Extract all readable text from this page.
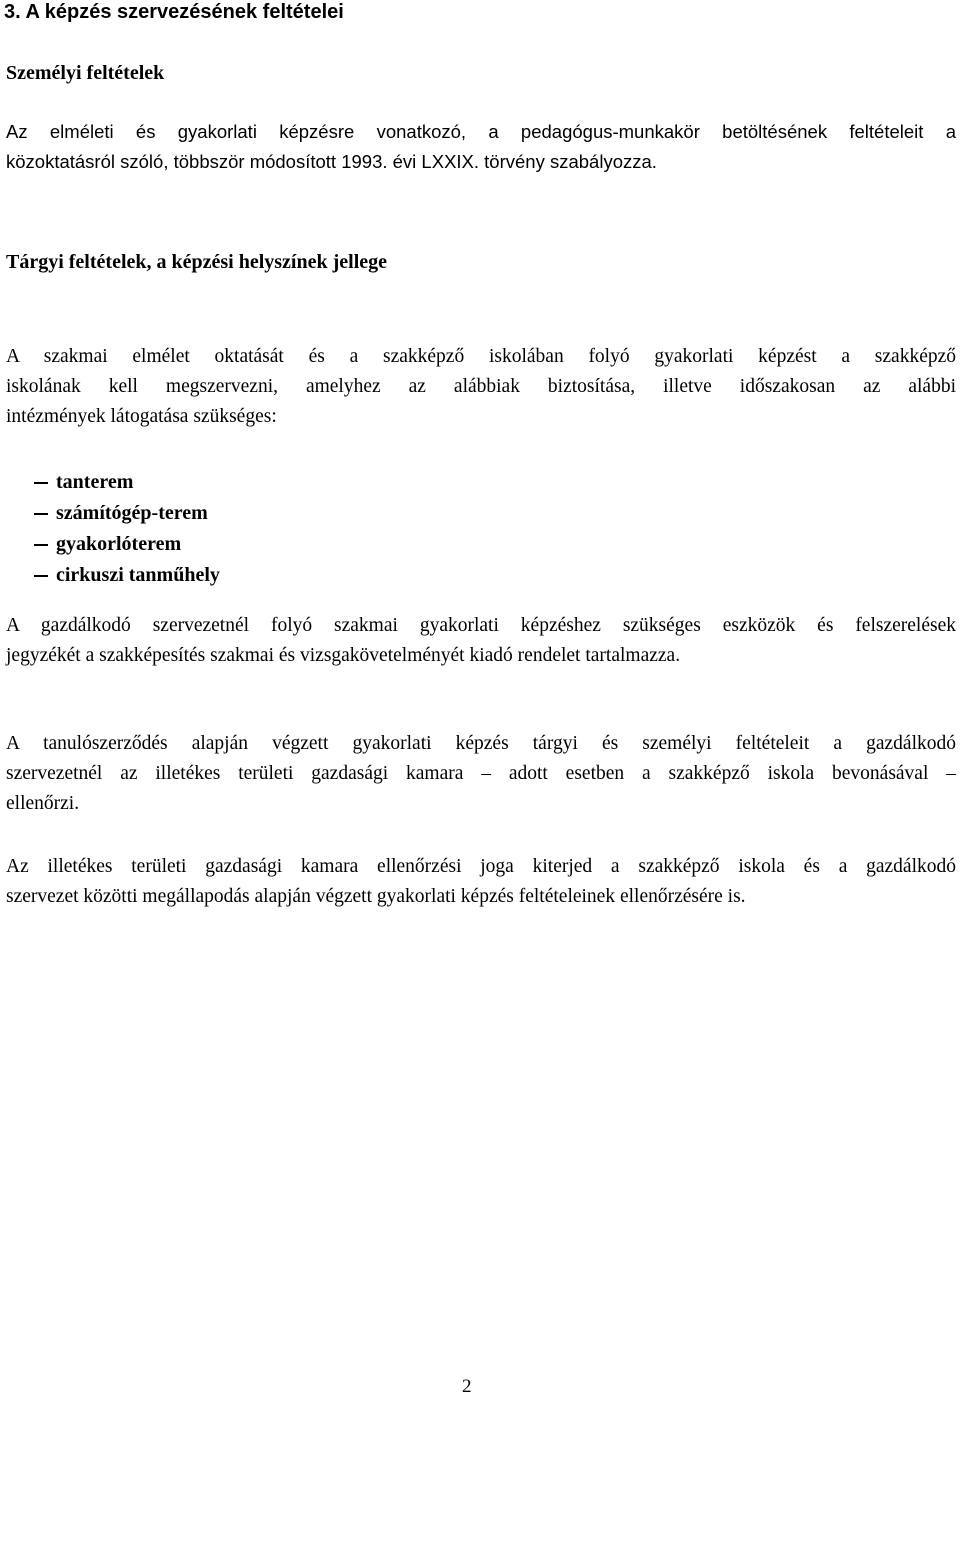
3. A képzés szervezésének feltételei
Személyi feltételek

Az elméleti és gyakorlati képzésre vonatkozó, a pedagógus-munkakör betöltésének feltételeit a
közoktatásról szóló, többször módosított 1993. évi LXXIX. törvény szabályozza.

Tárgyi feltételek, a képzési helyszínek jellege

A szakmai elmélet oktatását és a szakképző iskolában folyó gyakorlati képzést a szakképző
iskolának kell megszervezni, amelyhez az alábbiak biztosítása, illetve időszakosan az alábbi
intézmények látogatása szükséges:

tanterem
számítógép-terem
gyakorlóterem
cirkuszi tanműhely

A gazdálkodó szervezetnél folyó szakmai gyakorlati képzéshez szükséges eszközök és felszerelések
jegyzékét a szakképesítés szakmai és vizsgakövetelményét kiadó rendelet tartalmazza.

A tanulószerződés alapján végzett gyakorlati képzés tárgyi és személyi feltételeit a gazdálkodó
szervezetnél az illetékes területi gazdasági kamara – adott esetben a szakképző iskola bevonásával –
ellenőrzi.

Az illetékes területi gazdasági kamara ellenőrzési joga kiterjed a szakképző iskola és a gazdálkodó
szervezet közötti megállapodás alapján végzett gyakorlati képzés feltételeinek ellenőrzésére is.

2
